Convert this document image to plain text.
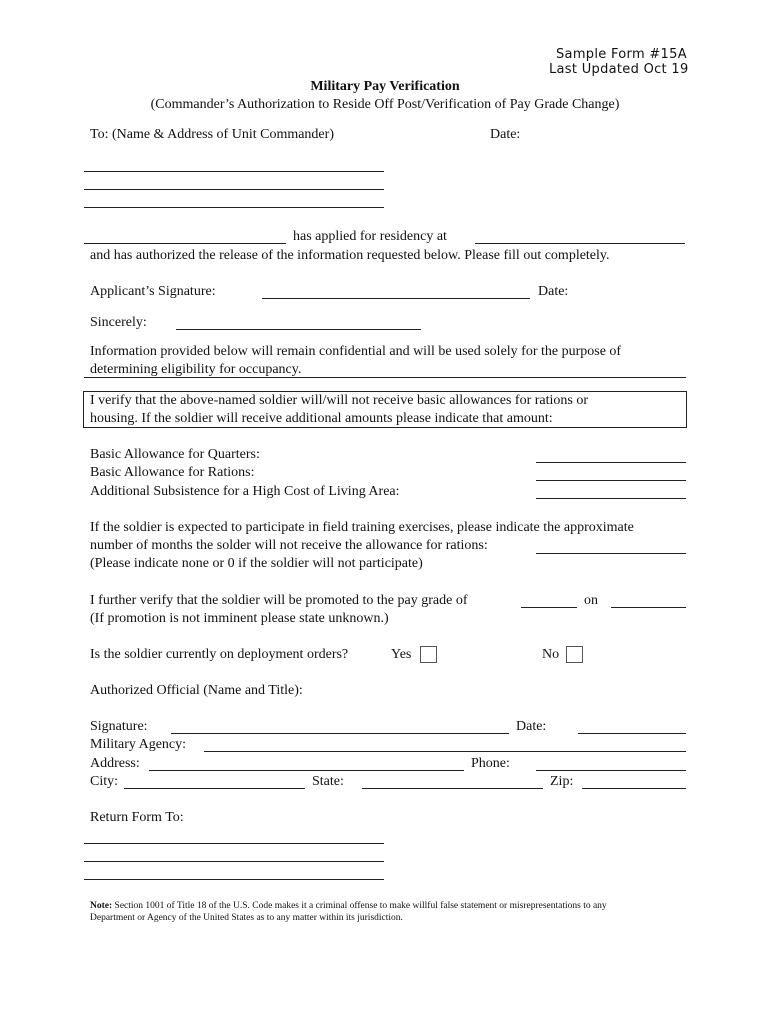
Sample Form #15A
Last Updated Oct 19
Military Pay Verification
(Commander’s Authorization to Reside Off Post/Verification of Pay Grade Change)
To: (Name & Address of Unit Commander)	Date:
has applied for residency at
and has authorized the release of the information requested below. Please fill out completely.
Applicant’s Signature:	Date:
Sincerely:
Information provided below will remain confidential and will be used solely for the purpose of
determining eligibility for occupancy.
I verify that the above-named soldier will/will not receive basic allowances for rations or
housing. If the soldier will receive additional amounts please indicate that amount:
Basic Allowance for Quarters:
Basic Allowance for Rations:
Additional Subsistence for a High Cost of Living Area:
If the soldier is expected to participate in field training exercises, please indicate the approximate
number of months the solder will not receive the allowance for rations:
(Please indicate none or 0 if the soldier will not participate)
I further verify that the soldier will be promoted to the pay grade of	on
(If promotion is not imminent please state unknown.)
Is the soldier currently on deployment orders?	Yes	No
Authorized Official (Name and Title):
Signature:	Date:
Military Agency:
Address:	Phone:
City:	State:	Zip:
Return Form To:
Note: Section 1001 of Title 18 of the U.S. Code makes it a criminal offense to make willful false statement or misrepresentations to any
Department or Agency of the United States as to any matter within its jurisdiction.
